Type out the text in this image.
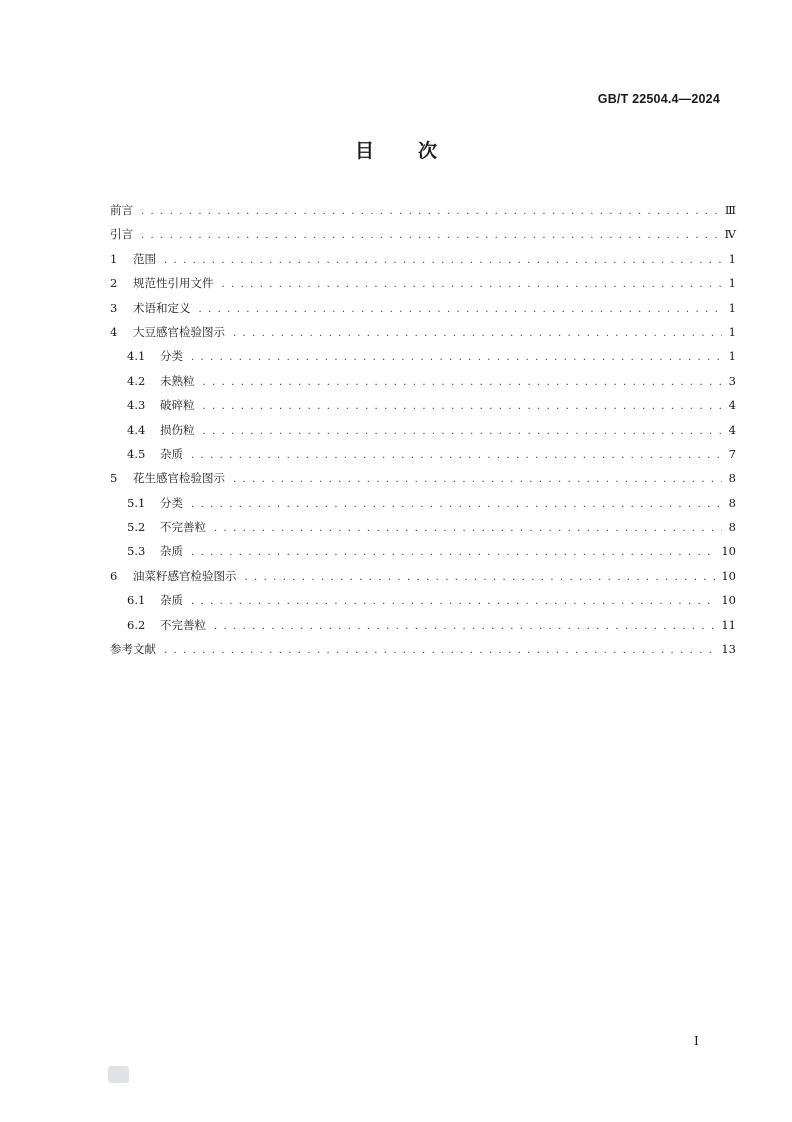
GB/T 22504.4—2024
目次
前言 . . .	Ⅲ
引言 . . .	Ⅳ
1	范围 . . .	1
2	规范性引用文件 . . .	1
3	术语和定义 . . .	1
4	大豆感官检验图示 . . .	1
4.1	分类 . . .	1
4.2	未熟粒 . . .	3
4.3	破碎粒 . . .	4
4.4	损伤粒 . . .	4
4.5	杂质 . . .	7
5	花生感官检验图示 . . .	8
5.1	分类 . . .	8
5.2	不完善粒 . . .	8
5.3	杂质 . . .	10
6	油菜籽感官检验图示 . . .	10
6.1	杂质 . . .	10
6.2	不完善粒 . . .	11
参考文献 . . .	13
Ⅰ
